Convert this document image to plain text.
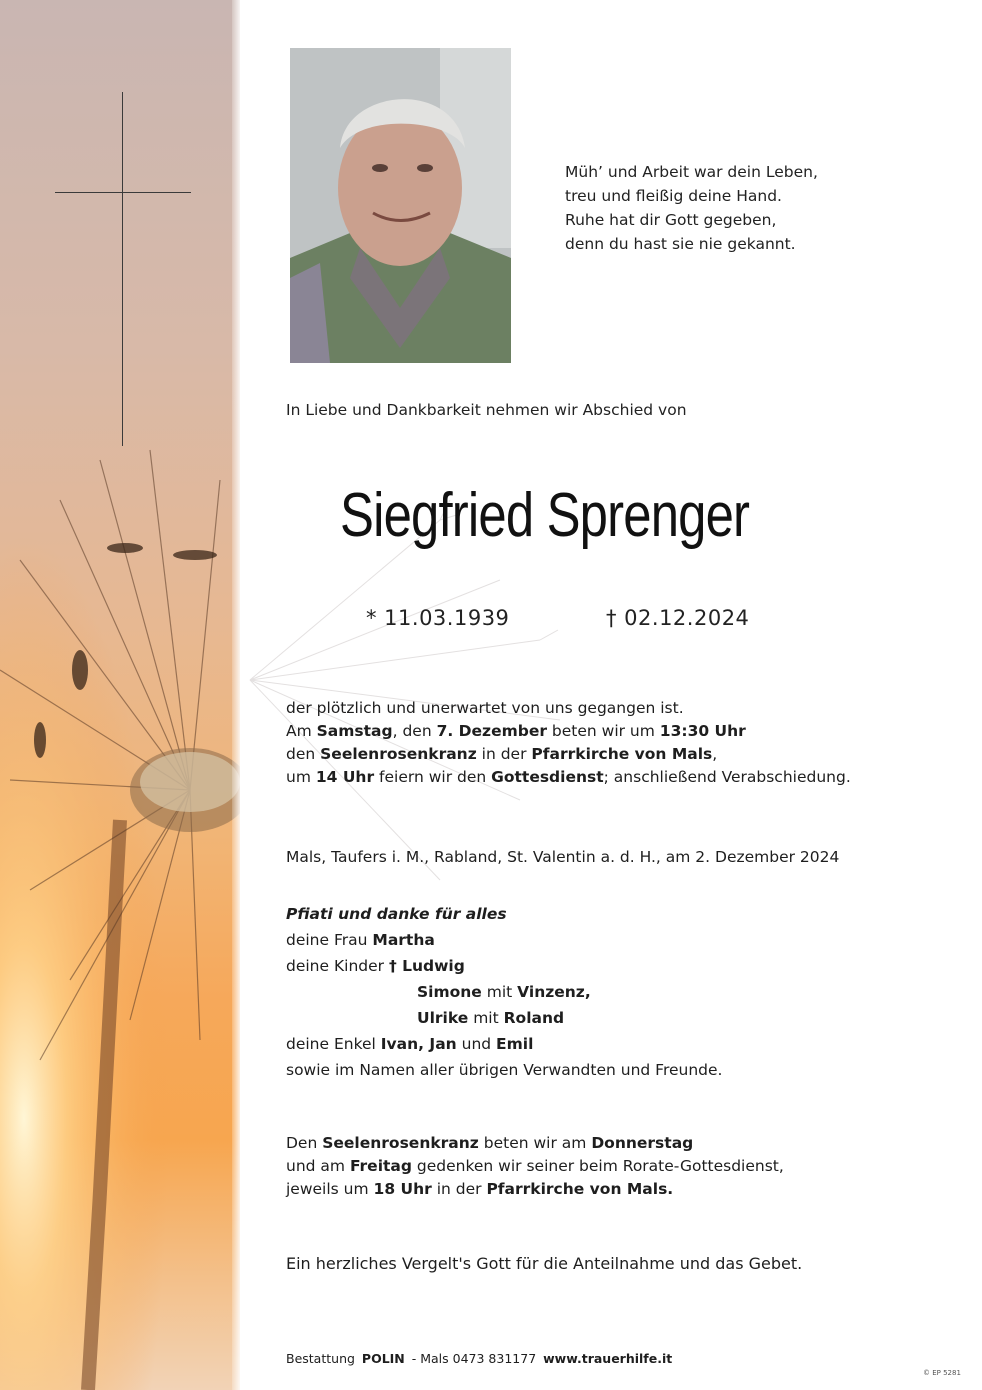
Müh’ und Arbeit war dein Leben,
treu und fleißig deine Hand.
Ruhe hat dir Gott gegeben,
denn du hast sie nie gekannt.
In Liebe und Dankbarkeit nehmen wir Abschied von
Siegfried Sprenger
* 11.03.1939	† 02.12.2024
der plötzlich und unerwartet von uns gegangen ist.
Am Samstag, den 7. Dezember beten wir um 13:30 Uhr
den Seelenrosenkranz in der Pfarrkirche von Mals,
um 14 Uhr feiern wir den Gottesdienst; anschließend Verabschiedung.
Mals, Taufers i. M., Rabland, St. Valentin a. d. H., am 2. Dezember 2024
Pfiati und danke für alles
deine Frau Martha
deine Kinder † Ludwig
Simone mit Vinzenz,
Ulrike mit Roland
deine Enkel Ivan, Jan und Emil
sowie im Namen aller übrigen Verwandten und Freunde.
Den Seelenrosenkranz beten wir am Donnerstag
und am Freitag gedenken wir seiner beim Rorate-Gottesdienst,
jeweils um 18 Uhr in der Pfarrkirche von Mals.
Ein herzliches Vergelt's Gott für die Anteilnahme und das Gebet.
Bestattung POLIN - Mals 0473 831177 www.trauerhilfe.it
© EP 5281
